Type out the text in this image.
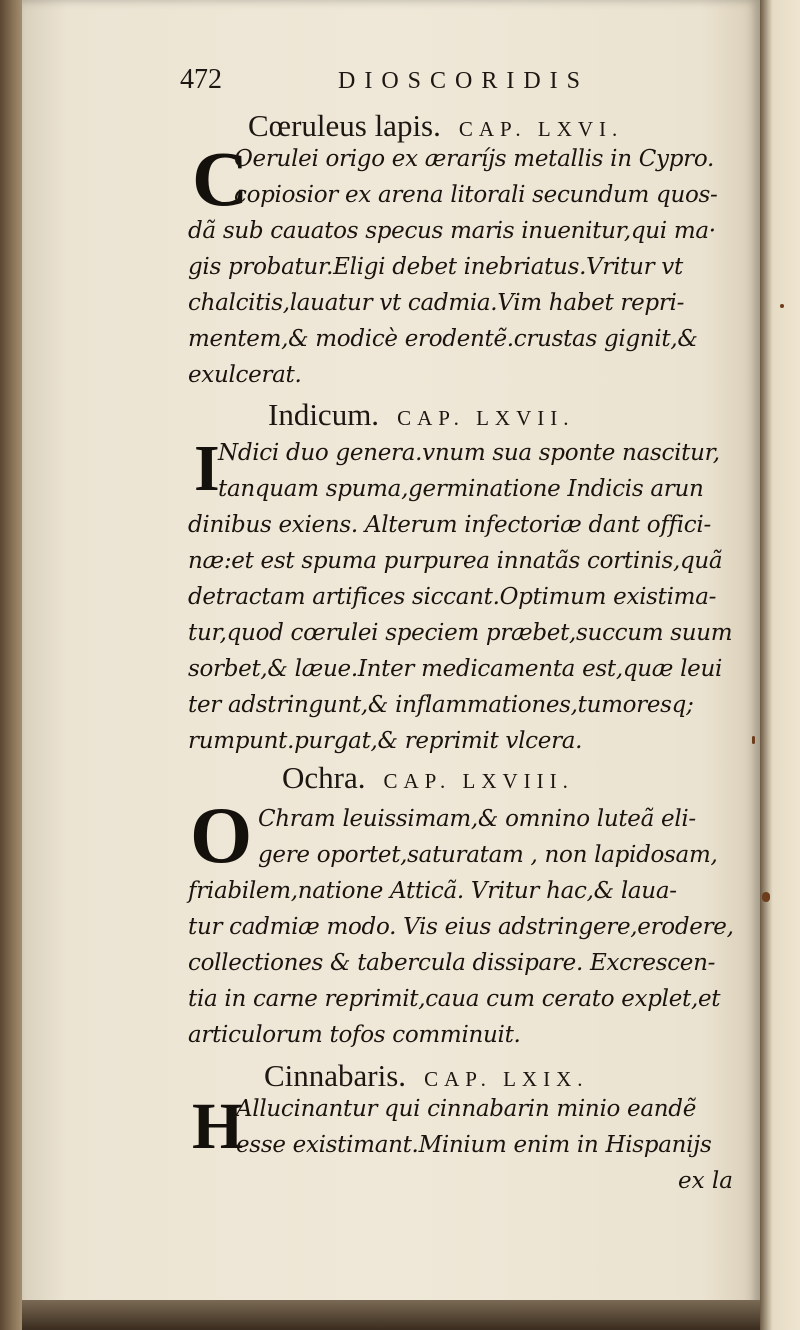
472	DIOSCORIDIS
Cœruleus lapis. CAP. LXVI.
C
Oerulei origo ex æraríjs metallis in Cypro.
copiosior ex arena litorali secundum quos-
dã sub cauatos specus maris inuenitur,qui ma·
gis probatur.Eligi debet inebriatus.Vritur vt
chalcitis,lauatur vt cadmia.Vim habet repri-
mentem,& modicè erodentẽ.crustas gignit,&
exulcerat.
Indicum. CAP. LXVII.
I
Ndici duo genera.vnum sua sponte nascitur,
tanquam spuma,germinatione Indicis arun
dinibus exiens. Alterum infectoriæ dant offici-
næ:et est spuma purpurea innatãs cortinis,quã
detractam artifices siccant.Optimum existima-
tur,quod cœrulei speciem præbet,succum suum
sorbet,& læue.Inter medicamenta est,quæ leui
ter adstringunt,& inflammationes,tumoresq;
rumpunt.purgat,& reprimit vlcera.
Ochra. CAP. LXVIII.
O Chram leuissimam,& omnino luteã eli-
gere oportet,saturatam , non lapidosam,
friabilem,natione Atticã. Vritur hac,& laua-
tur cadmiæ modo. Vis eius adstringere,erodere,
collectiones & tabercula dissipare. Excrescen-
tia in carne reprimit,caua cum cerato explet,et
articulorum tofos comminuit.
Cinnabaris. CAP. LXIX.
H
Allucinantur qui cinnabarin minio eandẽ
esse existimant.Minium enim in Hispanijs
ex la
